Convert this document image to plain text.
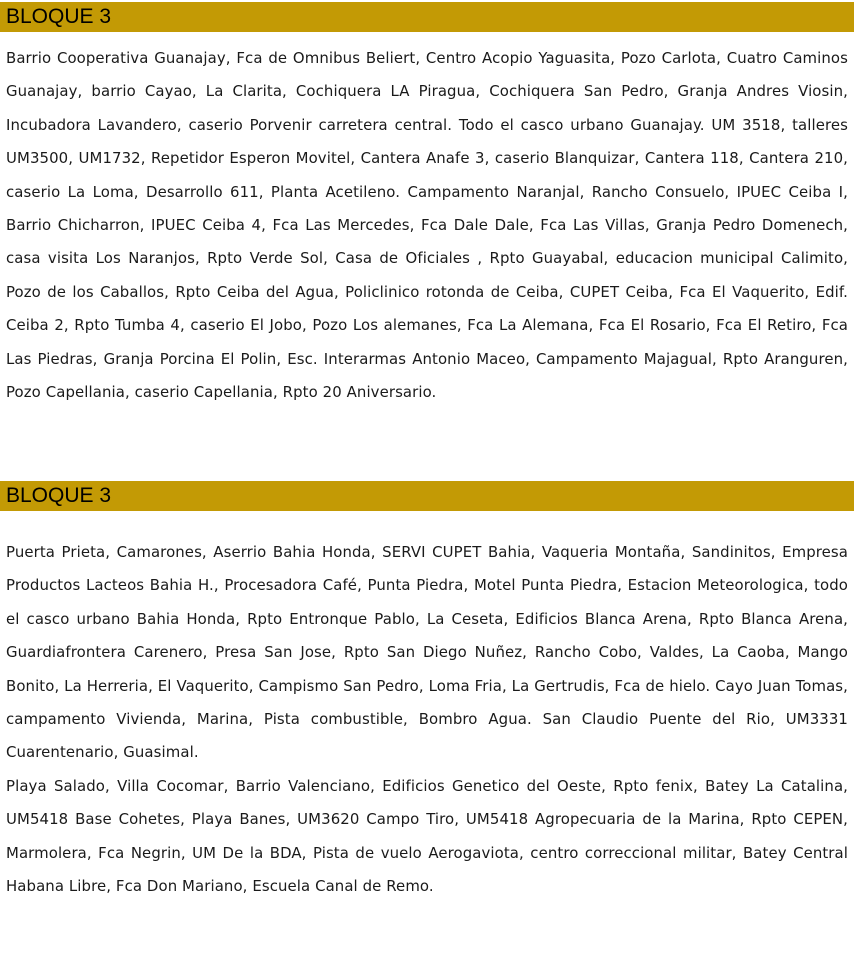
BLOQUE 3

Barrio Cooperativa Guanajay, Fca de Omnibus Beliert, Centro Acopio Yaguasita, Pozo Carlota, Cuatro Caminos Guanajay, barrio Cayao, La Clarita, Cochiquera LA Piragua, Cochiquera San Pedro, Granja Andres Viosin, Incubadora Lavandero, caserio Porvenir carretera central. Todo el casco urbano Guanajay. UM 3518, talleres UM3500, UM1732, Repetidor Esperon Movitel, Cantera Anafe 3, caserio Blanquizar, Cantera 118, Cantera 210, caserio La Loma, Desarrollo 611, Planta Acetileno. Campamento Naranjal, Rancho Consuelo, IPUEC Ceiba I, Barrio Chicharron, IPUEC Ceiba 4, Fca Las Mercedes, Fca Dale Dale, Fca Las Villas, Granja Pedro Domenech, casa visita Los Naranjos, Rpto Verde Sol, Casa de Oficiales , Rpto Guayabal, educacion municipal Calimito, Pozo de los Caballos, Rpto Ceiba del Agua, Policlinico rotonda de Ceiba, CUPET Ceiba, Fca El Vaquerito, Edif. Ceiba 2, Rpto Tumba 4, caserio El Jobo, Pozo Los alemanes, Fca La Alemana, Fca El Rosario, Fca El Retiro, Fca Las Piedras, Granja Porcina El Polin, Esc. Interarmas Antonio Maceo, Campamento Majagual, Rpto Aranguren, Pozo Capellania, caserio Capellania, Rpto 20 Aniversario.

BLOQUE 3

Puerta Prieta, Camarones, Aserrio Bahia Honda, SERVI CUPET Bahia, Vaqueria Montaña, Sandinitos, Empresa Productos Lacteos Bahia H., Procesadora Café, Punta Piedra, Motel Punta Piedra, Estacion Meteorologica, todo el casco urbano Bahia Honda, Rpto Entronque Pablo, La Ceseta, Edificios Blanca Arena, Rpto Blanca Arena, Guardiafrontera Carenero, Presa San Jose, Rpto San Diego Nuñez, Rancho Cobo, Valdes, La Caoba, Mango Bonito, La Herreria, El Vaquerito, Campismo San Pedro, Loma Fria, La Gertrudis, Fca de hielo. Cayo Juan Tomas, campamento Vivienda, Marina, Pista combustible, Bombro Agua. San Claudio Puente del Rio, UM3331 Cuarentenario, Guasimal.

Playa Salado, Villa Cocomar, Barrio Valenciano, Edificios Genetico del Oeste, Rpto fenix, Batey La Catalina, UM5418 Base Cohetes, Playa Banes, UM3620 Campo Tiro, UM5418 Agropecuaria de la Marina, Rpto CEPEN, Marmolera, Fca Negrin, UM De la BDA, Pista de vuelo Aerogaviota, centro correccional militar, Batey Central Habana Libre, Fca Don Mariano, Escuela Canal de Remo.
